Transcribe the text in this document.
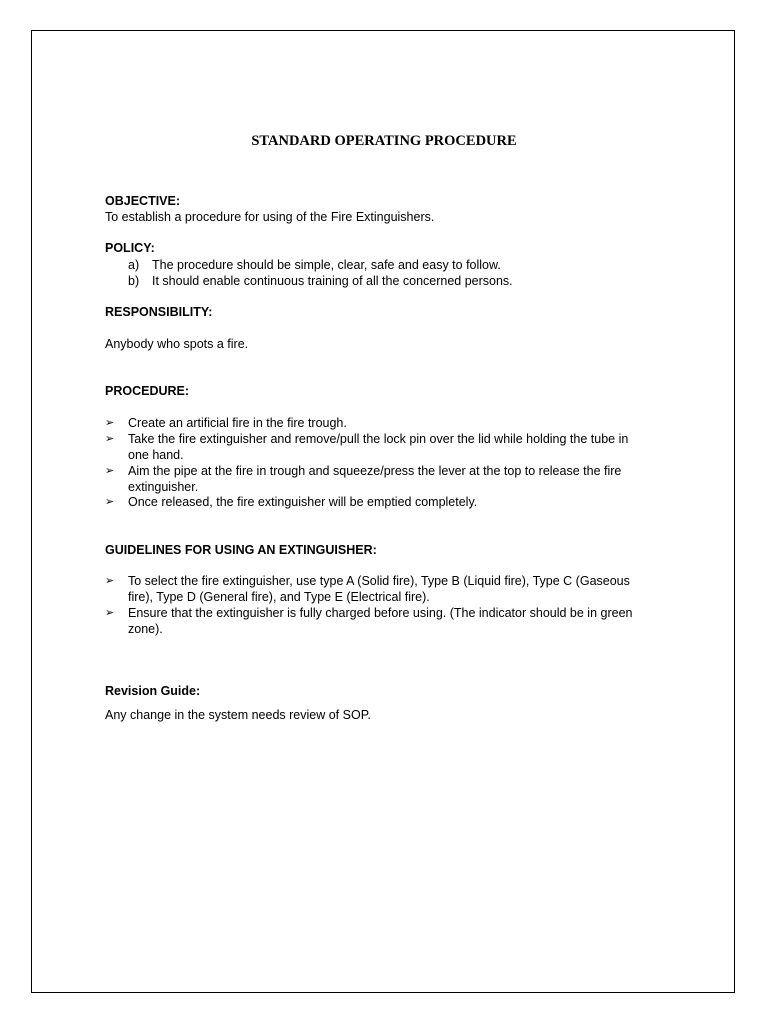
STANDARD OPERATING PROCEDURE
OBJECTIVE:
To establish a procedure for using of the Fire Extinguishers.
POLICY:
a) The procedure should be simple, clear, safe and easy to follow.
b) It should enable continuous training of all the concerned persons.
RESPONSIBILITY:
Anybody who spots a fire.
PROCEDURE:
➢ Create an artificial fire in the fire trough.
➢ Take the fire extinguisher and remove/pull the lock pin over the lid while holding the tube in
one hand.
➢ Aim the pipe at the fire in trough and squeeze/press the lever at the top to release the fire
extinguisher.
➢ Once released, the fire extinguisher will be emptied completely.
GUIDELINES FOR USING AN EXTINGUISHER:
➢ To select the fire extinguisher, use type A (Solid fire), Type B (Liquid fire), Type C (Gaseous
fire), Type D (General fire), and Type E (Electrical fire).
➢ Ensure that the extinguisher is fully charged before using. (The indicator should be in green
zone).
Revision Guide:
Any change in the system needs review of SOP.
